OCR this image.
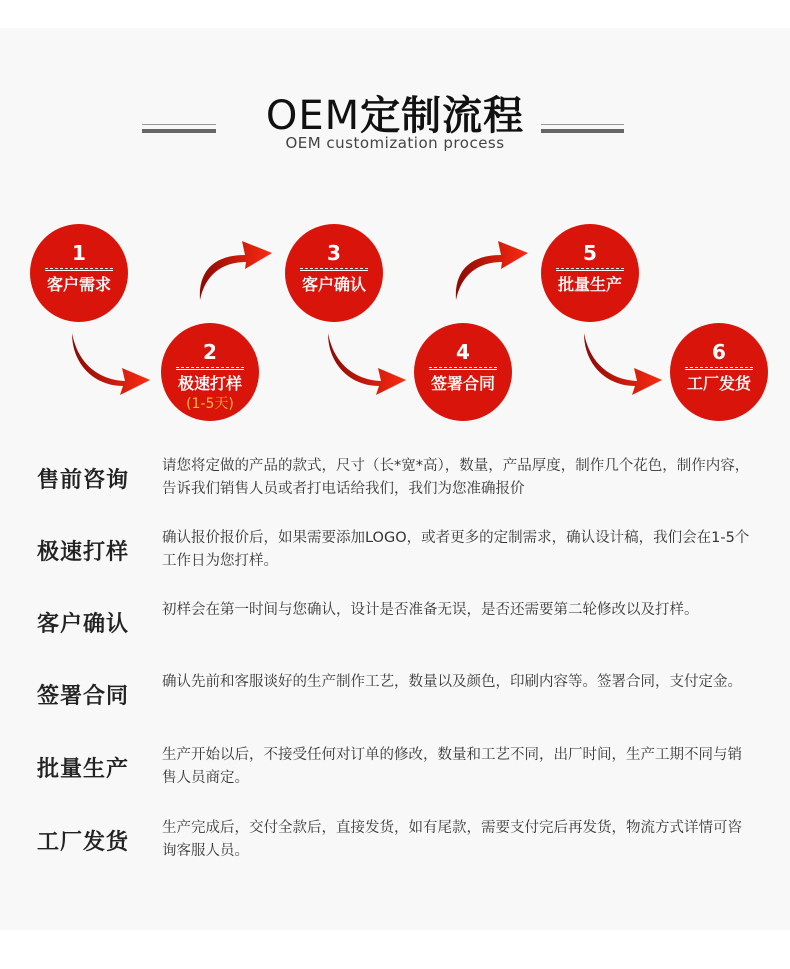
OEM定制流程
OEM customization process
1
客户需求
2
极速打样
(1-5天)
3
客户确认
4
签署合同
5
批量生产
6
工厂发货
售前咨询
请您将定做的产品的款式，尺寸（长*宽*高），数量，产品厚度，制作几个花色，制作内容，告诉我们销售人员或者打电话给我们，我们为您准确报价
极速打样
确认报价报价后，如果需要添加LOGO，或者更多的定制需求，确认设计稿，我们会在1-5个工作日为您打样。
客户确认
初样会在第一时间与您确认，设计是否准备无误，是否还需要第二轮修改以及打样。
签署合同
确认先前和客服谈好的生产制作工艺，数量以及颜色，印刷内容等。签署合同，支付定金。
批量生产
生产开始以后，不接受任何对订单的修改，数量和工艺不同，出厂时间，生产工期不同与销售人员商定。
工厂发货
生产完成后，交付全款后，直接发货，如有尾款，需要支付完后再发货，物流方式详情可咨询客服人员。
